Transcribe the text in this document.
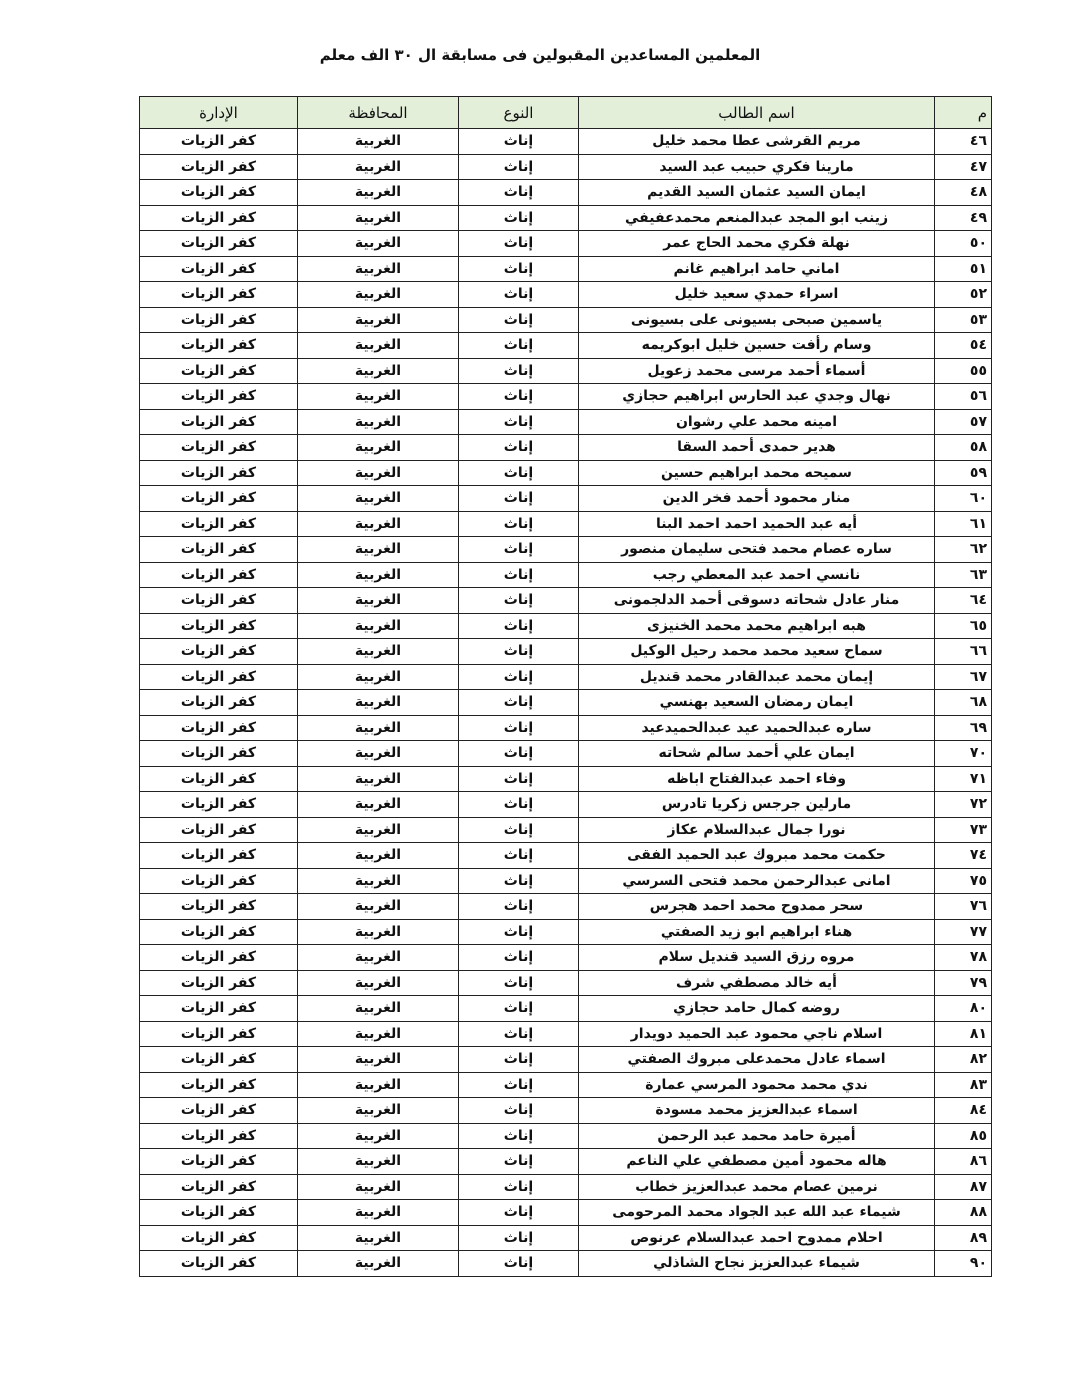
المعلمين المساعدين المقبولين فى مسابقة ال ٣٠ الف معلم
م	اسم الطالب	النوع	المحافظة	الإدارة
٤٦	مريم القرشى عطا محمد خليل	إناث	الغربية	كفر الزيات
٤٧	مارينا فكري حبيب عبد السيد	إناث	الغربية	كفر الزيات
٤٨	ايمان السيد عثمان السيد القديم	إناث	الغربية	كفر الزيات
٤٩	زينب ابو المجد عبدالمنعم محمدعفيفي	إناث	الغربية	كفر الزيات
٥٠	نهلة فكري محمد الحاج عمر	إناث	الغربية	كفر الزيات
٥١	اماني حامد ابراهيم غانم	إناث	الغربية	كفر الزيات
٥٢	اسراء حمدي سعيد خليل	إناث	الغربية	كفر الزيات
٥٣	ياسمين صبحى بسيونى على بسيونى	إناث	الغربية	كفر الزيات
٥٤	وسام رأفت حسين خليل ابوكريمه	إناث	الغربية	كفر الزيات
٥٥	أسماء أحمد مرسى محمد زعويل	إناث	الغربية	كفر الزيات
٥٦	نهال وجدي عبد الحارس ابراهيم حجازي	إناث	الغربية	كفر الزيات
٥٧	امينه محمد علي رشوان	إناث	الغربية	كفر الزيات
٥٨	هدير حمدى أحمد السقا	إناث	الغربية	كفر الزيات
٥٩	سميحه محمد ابراهيم حسين	إناث	الغربية	كفر الزيات
٦٠	منار محمود أحمد فخر الدين	إناث	الغربية	كفر الزيات
٦١	أيه عبد الحميد احمد احمد البنا	إناث	الغربية	كفر الزيات
٦٢	ساره عصام محمد فتحى سليمان منصور	إناث	الغربية	كفر الزيات
٦٣	نانسي احمد عبد المعطي رجب	إناث	الغربية	كفر الزيات
٦٤	منار عادل شحاته دسوقى أحمد الدلجمونى	إناث	الغربية	كفر الزيات
٦٥	هبه ابراهيم محمد محمد الخنيزى	إناث	الغربية	كفر الزيات
٦٦	سماح سعيد محمد محمد رحيل الوكيل	إناث	الغربية	كفر الزيات
٦٧	إيمان محمد عبدالقادر محمد قنديل	إناث	الغربية	كفر الزيات
٦٨	ايمان رمضان السعيد بهنسي	إناث	الغربية	كفر الزيات
٦٩	ساره عبدالحميد عيد عبدالحميدعيد	إناث	الغربية	كفر الزيات
٧٠	ايمان علي أحمد سالم شحاته	إناث	الغربية	كفر الزيات
٧١	وفاء احمد عبدالفتاح اباظه	إناث	الغربية	كفر الزيات
٧٢	مارلين جرجس زكريا تادرس	إناث	الغربية	كفر الزيات
٧٣	نورا جمال عبدالسلام عكاز	إناث	الغربية	كفر الزيات
٧٤	حكمت محمد مبروك عبد الحميد الفقى	إناث	الغربية	كفر الزيات
٧٥	امانى عبدالرحمن محمد فتحى السرسي	إناث	الغربية	كفر الزيات
٧٦	سحر ممدوح محمد احمد هجرس	إناث	الغربية	كفر الزيات
٧٧	هناء ابراهيم ابو زيد الصفتي	إناث	الغربية	كفر الزيات
٧٨	مروه رزق السيد قنديل سلام	إناث	الغربية	كفر الزيات
٧٩	أيه خالد مصطفي شرف	إناث	الغربية	كفر الزيات
٨٠	روضه كمال حامد حجازي	إناث	الغربية	كفر الزيات
٨١	اسلام ناجي محمود عبد الحميد دويدار	إناث	الغربية	كفر الزيات
٨٢	اسماء عادل محمدعلى مبروك الصفتي	إناث	الغربية	كفر الزيات
٨٣	ندي محمد محمود المرسي عمارة	إناث	الغربية	كفر الزيات
٨٤	اسماء عبدالعزيز محمد مسودة	إناث	الغربية	كفر الزيات
٨٥	أميرة حامد محمد عبد الرحمن	إناث	الغربية	كفر الزيات
٨٦	هاله محمود أمين مصطفي علي الناعم	إناث	الغربية	كفر الزيات
٨٧	نرمين عصام محمد عبدالعزيز خطاب	إناث	الغربية	كفر الزيات
٨٨	شيماء عبد الله عبد الجواد محمد المرحومى	إناث	الغربية	كفر الزيات
٨٩	احلام ممدوح احمد عبدالسلام عرنوص	إناث	الغربية	كفر الزيات
٩٠	شيماء عبدالعزيز نجاح الشاذلي	إناث	الغربية	كفر الزيات
